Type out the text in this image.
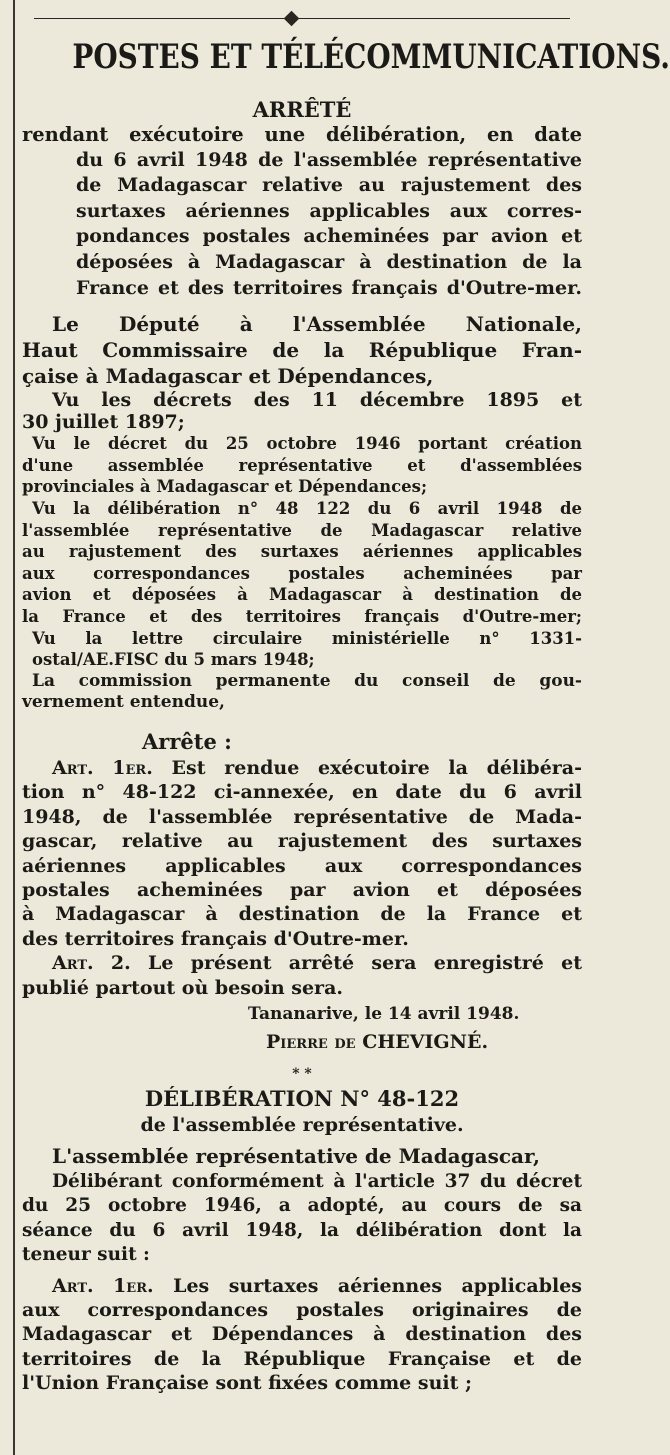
POSTES ET TÉLÉCOMMUNICATIONS.
ARRÊTÉ
rendant exécutoire une délibération, en date
du 6 avril 1948 de l'assemblée représentative
de Madagascar relative au rajustement des
surtaxes aériennes applicables aux corres-
pondances postales acheminées par avion et
déposées à Madagascar à destination de la
France et des territoires français d'Outre-mer.
Le Député à l'Assemblée Nationale,
Haut Commissaire de la République Fran-
çaise à Madagascar et Dépendances,
Vu les décrets des 11 décembre 1895 et
30 juillet 1897;
Vu le décret du 25 octobre 1946 portant création
d'une assemblée représentative et d'assemblées
provinciales à Madagascar et Dépendances;
Vu la délibération n° 48 122 du 6 avril 1948 de
l'assemblée représentative de Madagascar relative
au rajustement des surtaxes aériennes applicables
aux correspondances postales acheminées par
avion et déposées à Madagascar à destination de
la France et des territoires français d'Outre-mer;
Vu la lettre circulaire ministérielle n° 1331-
ostal/AE.FISC du 5 mars 1948;
La commission permanente du conseil de gou-
vernement entendue,
Arrête :
Art. 1er. Est rendue exécutoire la délibéra-
tion n° 48-122 ci-annexée, en date du 6 avril
1948, de l'assemblée représentative de Mada-
gascar, relative au rajustement des surtaxes
aériennes applicables aux correspondances
postales acheminées par avion et déposées
à Madagascar à destination de la France et
des territoires français d'Outre-mer.
Art. 2. Le présent arrêté sera enregistré et
publié partout où besoin sera.
Tananarive, le 14 avril 1948.
Pierre de CHEVIGNÉ.
* *
DÉLIBÉRATION N° 48-122
de l'assemblée représentative.
L'assemblée représentative de Madagascar,
Délibérant conformément à l'article 37 du décret
du 25 octobre 1946, a adopté, au cours de sa
séance du 6 avril 1948, la délibération dont la
teneur suit :
Art. 1er. Les surtaxes aériennes applicables
aux correspondances postales originaires de
Madagascar et Dépendances à destination des
territoires de la République Française et de
l'Union Française sont fixées comme suit ;
